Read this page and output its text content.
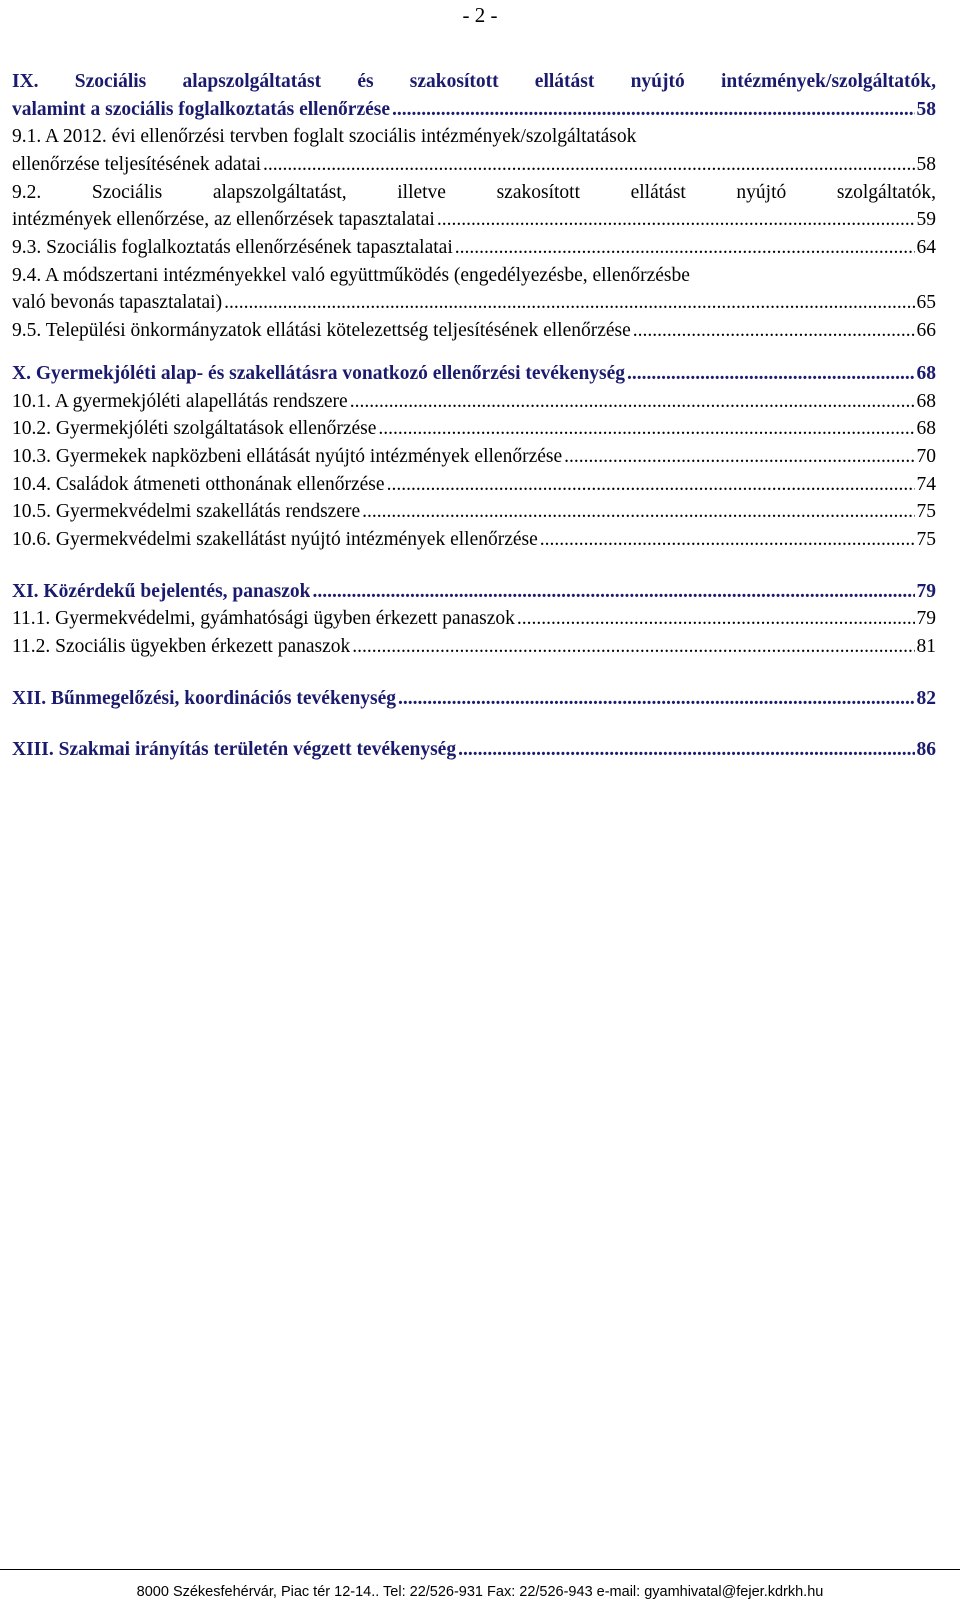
- 2 -
IX. Szociális alapszolgáltatást és szakosított ellátást nyújtó intézmények/szolgáltatók,
valamint a szociális foglalkoztatás ellenőrzése .....	58
9.1. A 2012. évi ellenőrzési tervben foglalt szociális intézmények/szolgáltatások
ellenőrzése teljesítésének adatai .....	58
9.2. Szociális alapszolgáltatást, illetve szakosított ellátást nyújtó szolgáltatók,
intézmények ellenőrzése, az ellenőrzések tapasztalatai .....	59
9.3. Szociális foglalkoztatás ellenőrzésének tapasztalatai .....	64
9.4. A módszertani intézményekkel való együttműködés (engedélyezésbe, ellenőrzésbe
való bevonás tapasztalatai) .....	65
9.5. Települési önkormányzatok ellátási kötelezettség teljesítésének ellenőrzése .....	66
X. Gyermekjóléti alap- és szakellátásra vonatkozó ellenőrzési tevékenység .....	68
10.1. A gyermekjóléti alapellátás rendszere .....	68
10.2. Gyermekjóléti szolgáltatások ellenőrzése .....	68
10.3. Gyermekek napközbeni ellátását nyújtó intézmények ellenőrzése .....	70
10.4. Családok átmeneti otthonának ellenőrzése .....	74
10.5. Gyermekvédelmi szakellátás rendszere .....	75
10.6. Gyermekvédelmi szakellátást nyújtó intézmények ellenőrzése .....	75
XI. Közérdekű bejelentés, panaszok .....	79
11.1. Gyermekvédelmi, gyámhatósági ügyben érkezett panaszok .....	79
11.2. Szociális ügyekben érkezett panaszok .....	81
XII. Bűnmegelőzési, koordinációs tevékenység .....	82
XIII. Szakmai irányítás területén végzett tevékenység .....	86
8000 Székesfehérvár, Piac tér 12-14.. Tel: 22/526-931 Fax: 22/526-943 e-mail: gyamhivatal@fejer.kdrkh.hu
